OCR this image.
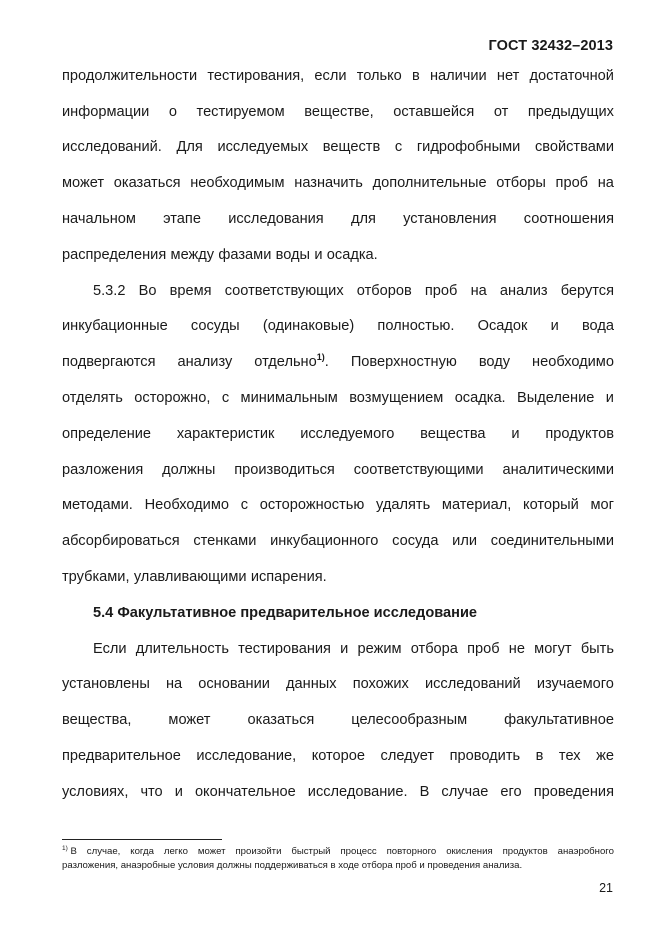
ГОСТ 32432–2013
продолжительности тестирования, если только в наличии нет достаточной
информации о тестируемом веществе, оставшейся от предыдущих
исследований. Для исследуемых веществ с гидрофобными свойствами
может оказаться необходимым назначить дополнительные отборы проб на
начальном этапе исследования для установления соотношения
распределения между фазами воды и осадка.
5.3.2 Во время соответствующих отборов проб на анализ берутся
инкубационные сосуды (одинаковые) полностью. Осадок и вода
подвергаются анализу отдельно$^{1)}$. Поверхностную воду необходимо
отделять осторожно, с минимальным возмущением осадка. Выделение и
определение характеристик исследуемого вещества и продуктов
разложения должны производиться соответствующими аналитическими
методами. Необходимо с осторожностью удалять материал, который мог
абсорбироваться стенками инкубационного сосуда или соединительными
трубками, улавливающими испарения.
5.4 Факультативное предварительное исследование
Если длительность тестирования и режим отбора проб не могут быть
установлены на основании данных похожих исследований изучаемого
вещества,	может	оказаться	целесообразным	факультативное
предварительное исследование, которое следует проводить в тех же
условиях, что и окончательное исследование. В случае его проведения
$^{1)}$ В случае, когда легко может произойти быстрый процесс повторного окисления продуктов анаэробного
разложения, анаэробные условия должны поддерживаться в ходе отбора проб и проведения анализа.
21
